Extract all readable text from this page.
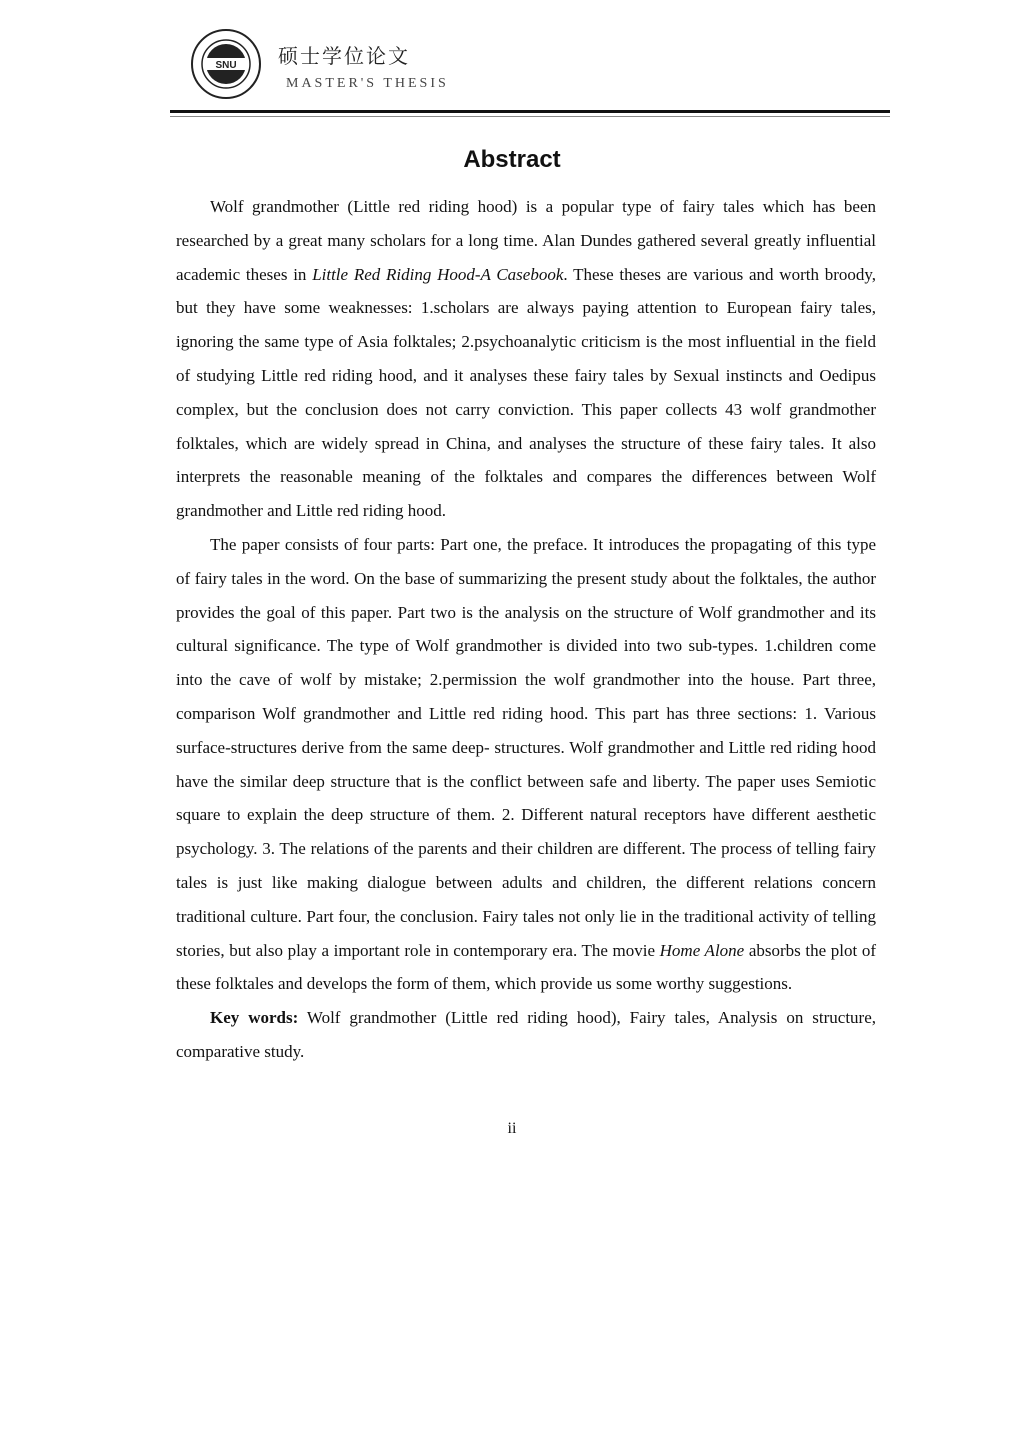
SNU 硕士学位论文
MASTER'S THESIS
Abstract

Wolf grandmother (Little red riding hood) is a popular type of fairy tales which has been researched by a great many scholars for a long time. Alan Dundes gathered several greatly influential academic theses in Little Red Riding Hood-A Casebook. These theses are various and worth broody, but they have some weaknesses: 1.scholars are always paying attention to European fairy tales, ignoring the same type of Asia folktales; 2.psychoanalytic criticism is the most influential in the field of studying Little red riding hood, and it analyses these fairy tales by Sexual instincts and Oedipus complex, but the conclusion does not carry conviction. This paper collects 43 wolf grandmother folktales, which are widely spread in China, and analyses the structure of these fairy tales. It also interprets the reasonable meaning of the folktales and compares the differences between Wolf grandmother and Little red riding hood.

The paper consists of four parts: Part one, the preface. It introduces the propagating of this type of fairy tales in the word. On the base of summarizing the present study about the folktales, the author provides the goal of this paper. Part two is the analysis on the structure of Wolf grandmother and its cultural significance. The type of Wolf grandmother is divided into two sub-types. 1.children come into the cave of wolf by mistake; 2.permission the wolf grandmother into the house. Part three, comparison Wolf grandmother and Little red riding hood. This part has three sections: 1. Various surface-structures derive from the same deep- structures. Wolf grandmother and Little red riding hood have the similar deep structure that is the conflict between safe and liberty. The paper uses Semiotic square to explain the deep structure of them. 2. Different natural receptors have different aesthetic psychology. 3. The relations of the parents and their children are different. The process of telling fairy tales is just like making dialogue between adults and children, the different relations concern traditional culture. Part four, the conclusion. Fairy tales not only lie in the traditional activity of telling stories, but also play a important role in contemporary era. The movie Home Alone absorbs the plot of these folktales and develops the form of them, which provide us some worthy suggestions.

Key words: Wolf grandmother (Little red riding hood), Fairy tales, Analysis on structure, comparative study.

ii
